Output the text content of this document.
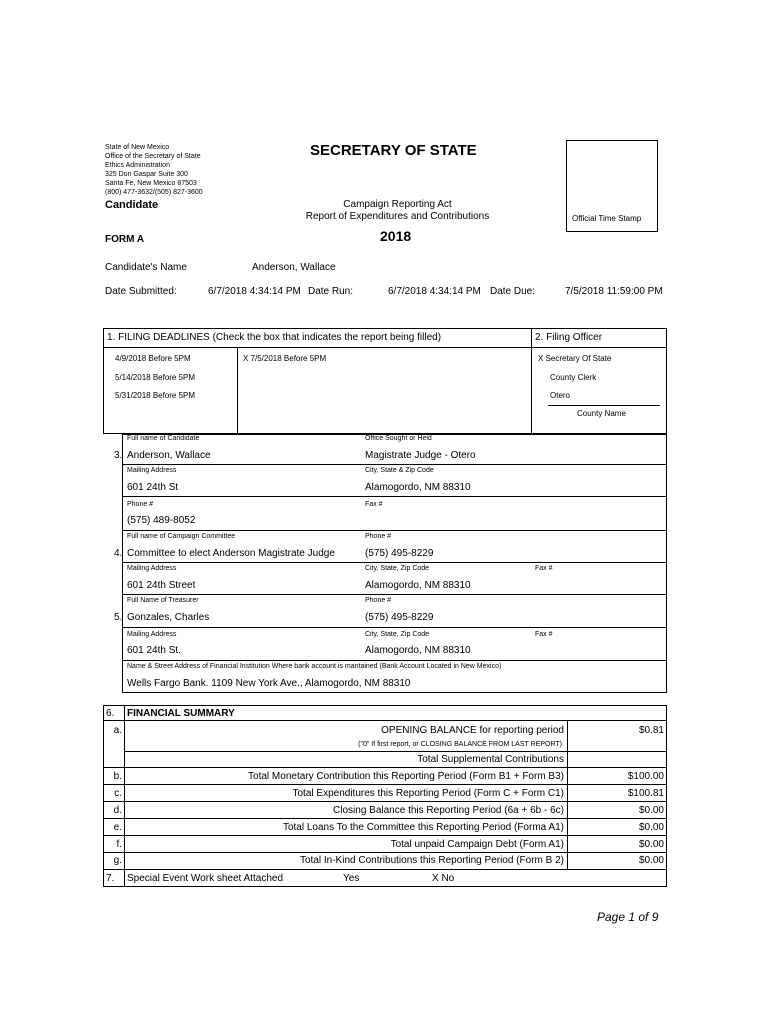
State of New Mexico
Office of the Secretary of State
Ethics Administration
325 Don Gaspar Suite 300
Santa Fe, New Mexico 87503
(800) 477-3632/(505) 827-3600
SECRETARY OF STATE
Official Time Stamp
Candidate	Campaign Reporting Act
Report of Expenditures and Contributions
2018
FORM A
Candidate's Name	Anderson, Wallace
Date Submitted:	6/7/2018 4:34:14 PM Date Run:	6/7/2018 4:34:14 PM Date Due:	7/5/2018 11:59:00 PM
1. FILING DEADLINES (Check the box that indicates the report being filled)	2. Filing Officer
4/9/2018 Before 5PM
5/14/2018 Before 5PM
5/31/2018 Before 5PM
X 7/5/2018 Before 5PM	X Secretary Of State
County Clerk
Otero
County Name
Full name of Candidate	Office Sought or Held
3. Anderson, Wallace	Magistrate Judge - Otero
Mailing Address	City, State & Zip Code
601 24th St	Alamogordo, NM 88310
Phone #	Fax #
(575) 489-8052
Full name of Campaign Committee	Phone #
4. Committee to elect Anderson Magistrate Judge	(575) 495-8229
Mailing Address	City, State, Zip Code	Fax #
601 24th Street	Alamogordo, NM 88310
Full Name of Treasurer	Phone #
5. Gonzales, Charles	(575) 495-8229
Mailing Address	City, State, Zip Code	Fax #
601 24th St.	Alamogordo, NM 88310
Name & Street Address of Financial Institution Where bank account is mantained (Bank Account Located in New Mexico)
Wells Fargo Bank. 1109 New York Ave., Alamogordo, NM 88310
6. FINANCIAL SUMMARY
a.	OPENING BALANCE for reporting period	$0.81
("0" If first report, or CLOSING BALANCE FROM LAST REPORT)
Total Supplemental Contributions
b.	Total Monetary Contribution this Reporting Period (Form B1 + Form B3)	$100.00
c.	Total Expenditures this Reporting Period (Form C + Form C1)	$100.81
d.	Closing Balance this Reporting Period (6a + 6b - 6c)	$0.00
e.	Total Loans To the Committee this Reporting Period (Forma A1)	$0.00
f.	Total unpaid Campaign Debt (Form A1)	$0.00
g.	Total In-Kind Contributions this Reporting Period (Form B 2)	$0.00
7. Special Event Work sheet Attached	Yes	X No
Page 1 of 9
